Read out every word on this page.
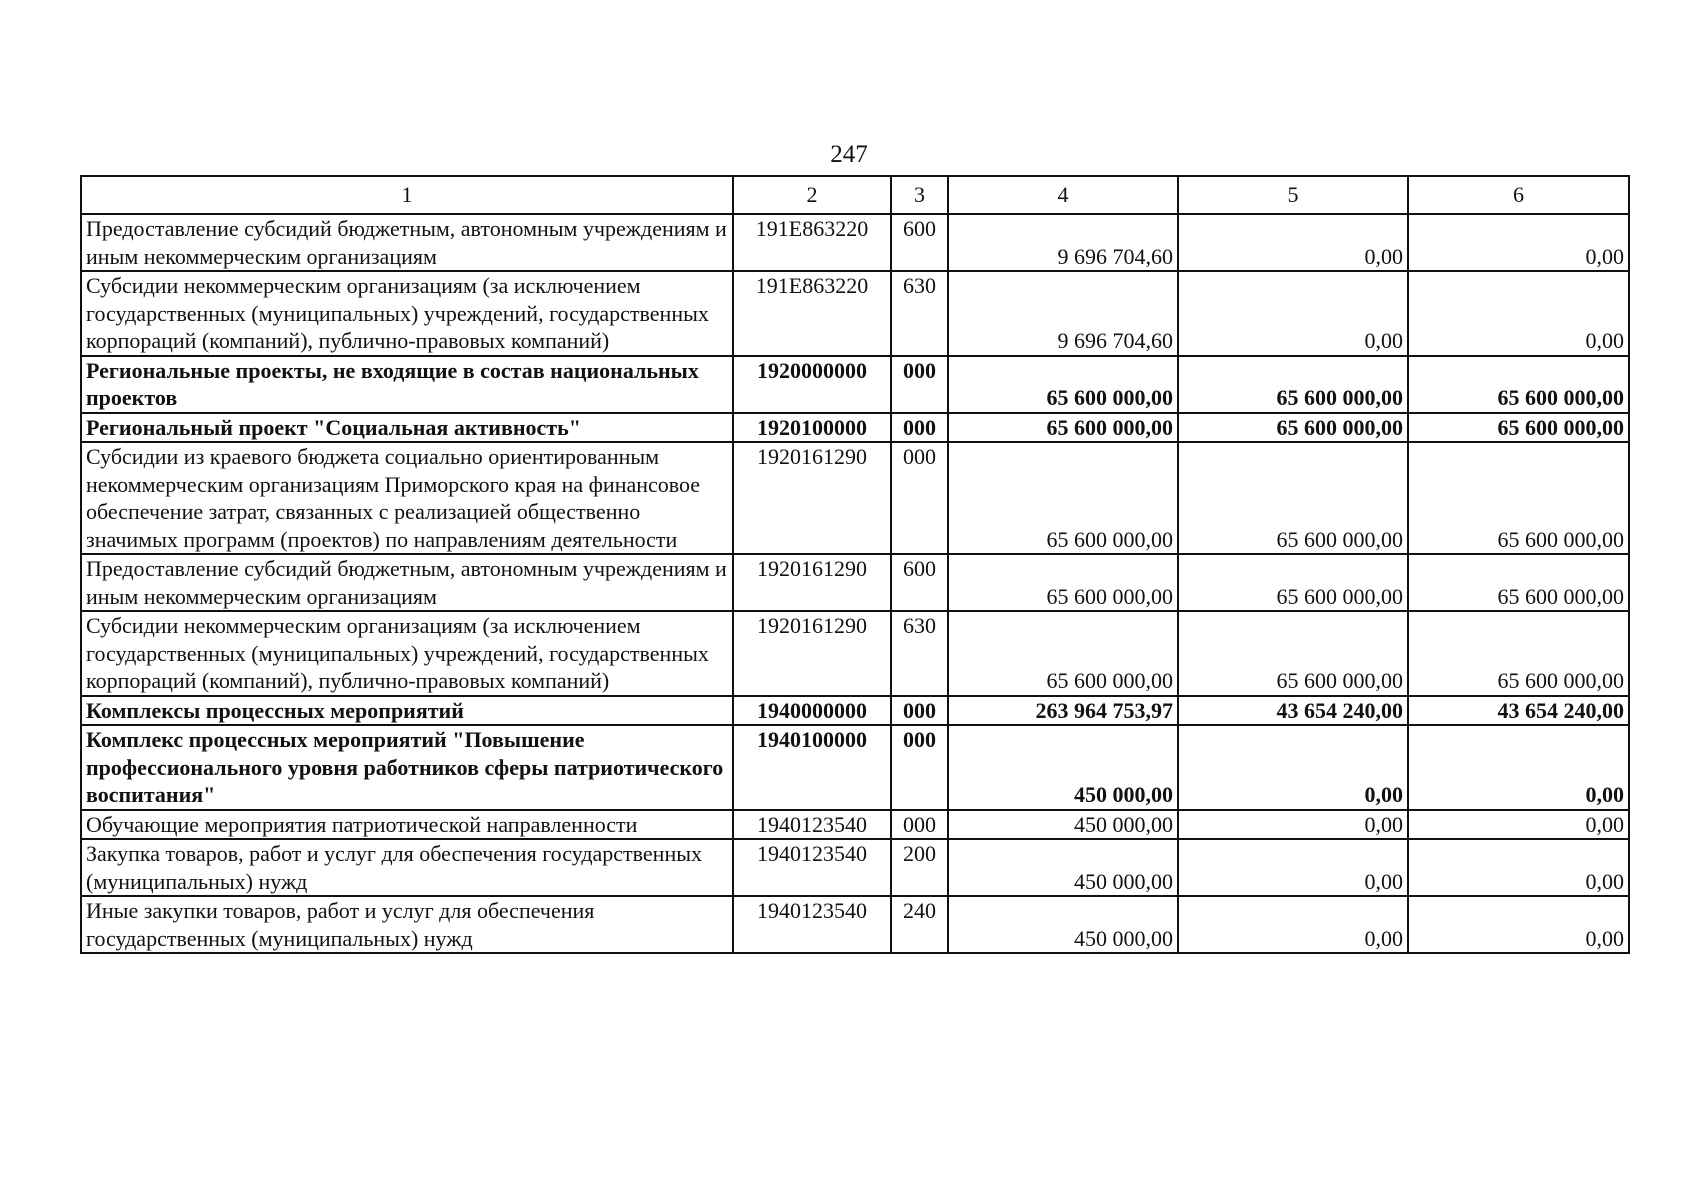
247
1	2	3	4	5	6
Предоставление субсидий бюджетным, автономным учреждениям и иным некоммерческим организациям	191E863220	600	9 696 704,60	0,00	0,00
Субсидии некоммерческим организациям (за исключением государственных (муниципальных) учреждений, государственных корпораций (компаний), публично-правовых компаний)	191E863220	630	9 696 704,60	0,00	0,00
Региональные проекты, не входящие в состав национальных проектов	1920000000	000	65 600 000,00	65 600 000,00	65 600 000,00
Региональный проект "Социальная активность"	1920100000	000	65 600 000,00	65 600 000,00	65 600 000,00
Субсидии из краевого бюджета социально ориентированным некоммерческим организациям Приморского края на финансовое обеспечение затрат, связанных с реализацией общественно значимых программ (проектов) по направлениям деятельности	1920161290	000	65 600 000,00	65 600 000,00	65 600 000,00
Предоставление субсидий бюджетным, автономным учреждениям и иным некоммерческим организациям	1920161290	600	65 600 000,00	65 600 000,00	65 600 000,00
Субсидии некоммерческим организациям (за исключением государственных (муниципальных) учреждений, государственных корпораций (компаний), публично-правовых компаний)	1920161290	630	65 600 000,00	65 600 000,00	65 600 000,00
Комплексы процессных мероприятий	1940000000	000	263 964 753,97	43 654 240,00	43 654 240,00
Комплекс процессных мероприятий "Повышение профессионального уровня работников сферы патриотического воспитания"	1940100000	000	450 000,00	0,00	0,00
Обучающие мероприятия патриотической направленности	1940123540	000	450 000,00	0,00	0,00
Закупка товаров, работ и услуг для обеспечения государственных (муниципальных) нужд	1940123540	200	450 000,00	0,00	0,00
Иные закупки товаров, работ и услуг для обеспечения государственных (муниципальных) нужд	1940123540	240	450 000,00	0,00	0,00
